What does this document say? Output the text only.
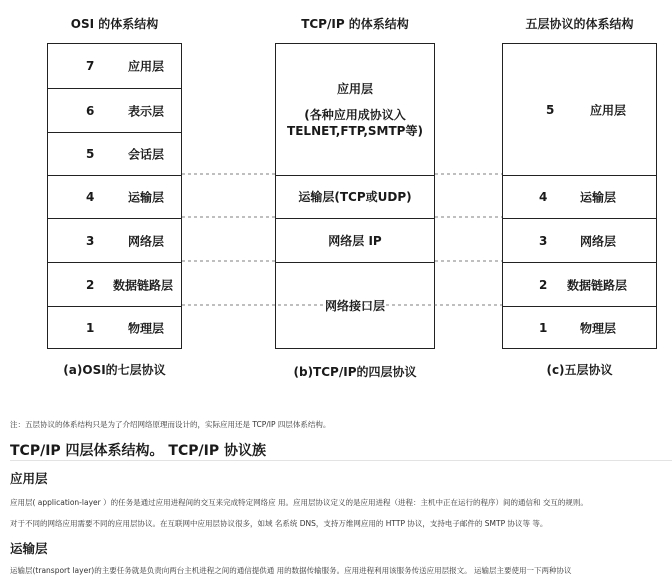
OSI 的体系结构	TCP/IP 的体系结构	五层协议的体系结构
7	应用层
6	表示层
5	会话层
4	运输层
3	网络层
2 数据链路层
1	物理层
应用层
(各种应用成协议入
TELNET,FTP,SMTP等)
运输层(TCP或UDP)
网络层 IP
网络接口层
5	应用层
4	运输层
3	网络层
2 数据链路层
1	物理层
(a)OSI的七层协议	(b)TCP/IP的四层协议	(c)五层协议
注：五层协议的体系结构只是为了介绍网络原理而设计的，实际应用还是 TCP/IP 四层体系结构。
TCP/IP 四层体系结构。 TCP/IP 协议族
应用层
应用层( application-layer ）的任务是通过应用进程间的交互来完成特定网络应 用。应用层协议定义的是应用进程（进程：主机中正在运行的程序）间的通信和 交互的规则。
对于不同的网络应用需要不同的应用层协议。在互联网中应用层协议很多，如域 名系统 DNS，支持万维网应用的 HTTP 协议，支持电子邮件的 SMTP 协议等 等。
运输层
运输层(transport layer)的主要任务就是负责向两台主机进程之间的通信提供通 用的数据传输服务。应用进程利用该服务传送应用层报文。 运输层主要使用一下两种协议
